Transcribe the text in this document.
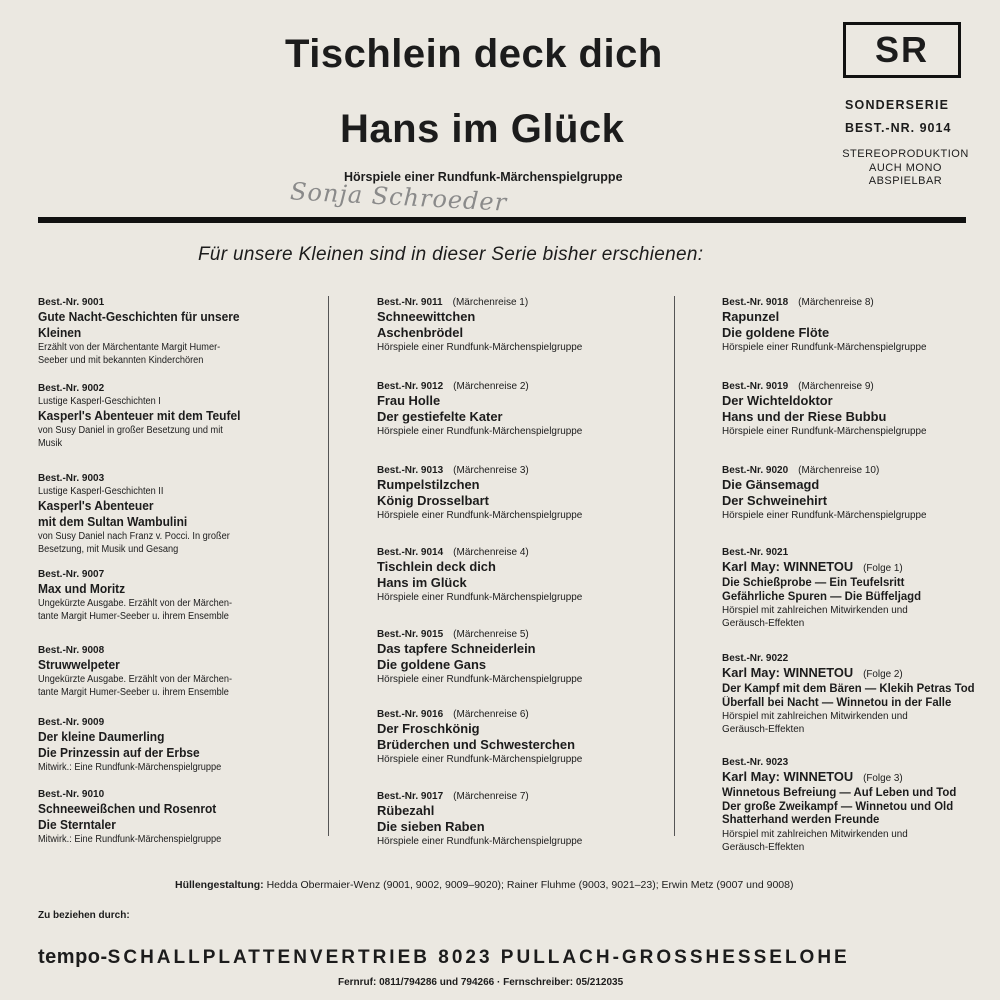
Tischlein deck dich
Hans im Glück
Hörspiele einer Rundfunk-Märchenspielgruppe
Sonja Schroeder
SR
SONDERSERIE
BEST.-NR. 9014
STEREOPRODUKTION
AUCH MONO
ABSPIELBAR
Für unsere Kleinen sind in dieser Serie bisher erschienen:
Best.-Nr. 9001
Gute Nacht-Geschichten für unsere
Kleinen
Erzählt von der Märchentante Margit Humer-
Seeber und mit bekannten Kinderchören
Best.-Nr. 9002
Lustige Kasperl-Geschichten I
Kasperl's Abenteuer mit dem Teufel
von Susy Daniel in großer Besetzung und mit
Musik
Best.-Nr. 9003
Lustige Kasperl-Geschichten II
Kasperl's Abenteuer
mit dem Sultan Wambulini
von Susy Daniel nach Franz v. Pocci. In großer
Besetzung, mit Musik und Gesang
Best.-Nr. 9007
Max und Moritz
Ungekürzte Ausgabe. Erzählt von der Märchen-
tante Margit Humer-Seeber u. ihrem Ensemble
Best.-Nr. 9008
Struwwelpeter
Ungekürzte Ausgabe. Erzählt von der Märchen-
tante Margit Humer-Seeber u. ihrem Ensemble
Best.-Nr. 9009
Der kleine Daumerling
Die Prinzessin auf der Erbse
Mitwirk.: Eine Rundfunk-Märchenspielgruppe
Best.-Nr. 9010
Schneeweißchen und Rosenrot
Die Sterntaler
Mitwirk.: Eine Rundfunk-Märchenspielgruppe
Best.-Nr. 9011 (Märchenreise 1)
Schneewittchen
Aschenbrödel
Hörspiele einer Rundfunk-Märchenspielgruppe
Best.-Nr. 9012 (Märchenreise 2)
Frau Holle
Der gestiefelte Kater
Hörspiele einer Rundfunk-Märchenspielgruppe
Best.-Nr. 9013 (Märchenreise 3)
Rumpelstilzchen
König Drosselbart
Hörspiele einer Rundfunk-Märchenspielgruppe
Best.-Nr. 9014 (Märchenreise 4)
Tischlein deck dich
Hans im Glück
Hörspiele einer Rundfunk-Märchenspielgruppe
Best.-Nr. 9015 (Märchenreise 5)
Das tapfere Schneiderlein
Die goldene Gans
Hörspiele einer Rundfunk-Märchenspielgruppe
Best.-Nr. 9016 (Märchenreise 6)
Der Froschkönig
Brüderchen und Schwesterchen
Hörspiele einer Rundfunk-Märchenspielgruppe
Best.-Nr. 9017 (Märchenreise 7)
Rübezahl
Die sieben Raben
Hörspiele einer Rundfunk-Märchenspielgruppe
Best.-Nr. 9018 (Märchenreise 8)
Rapunzel
Die goldene Flöte
Hörspiele einer Rundfunk-Märchenspielgruppe
Best.-Nr. 9019 (Märchenreise 9)
Der Wichteldoktor
Hans und der Riese Bubbu
Hörspiele einer Rundfunk-Märchenspielgruppe
Best.-Nr. 9020 (Märchenreise 10)
Die Gänsemagd
Der Schweinehirt
Hörspiele einer Rundfunk-Märchenspielgruppe
Best.-Nr. 9021
Karl May: WINNETOU (Folge 1)
Die Schießprobe — Ein Teufelsritt
Gefährliche Spuren — Die Büffeljagd
Hörspiel mit zahlreichen Mitwirkenden und
Geräusch-Effekten
Best.-Nr. 9022
Karl May: WINNETOU (Folge 2)
Der Kampf mit dem Bären — Klekih Petras Tod
Überfall bei Nacht — Winnetou in der Falle
Hörspiel mit zahlreichen Mitwirkenden und
Geräusch-Effekten
Best.-Nr. 9023
Karl May: WINNETOU (Folge 3)
Winnetous Befreiung — Auf Leben und Tod
Der große Zweikampf — Winnetou und Old
Shatterhand werden Freunde
Hörspiel mit zahlreichen Mitwirkenden und
Geräusch-Effekten
Hüllengestaltung: Hedda Obermaier-Wenz (9001, 9002, 9009–9020); Rainer Fluhme (9003, 9021–23); Erwin Metz (9007 und 9008)
Zu beziehen durch:
tempo-SCHALLPLATTENVERTRIEB 8023 PULLACH-GROSSHESSELOHE
Fernruf: 0811/794286 und 794266 · Fernschreiber: 05/212035
